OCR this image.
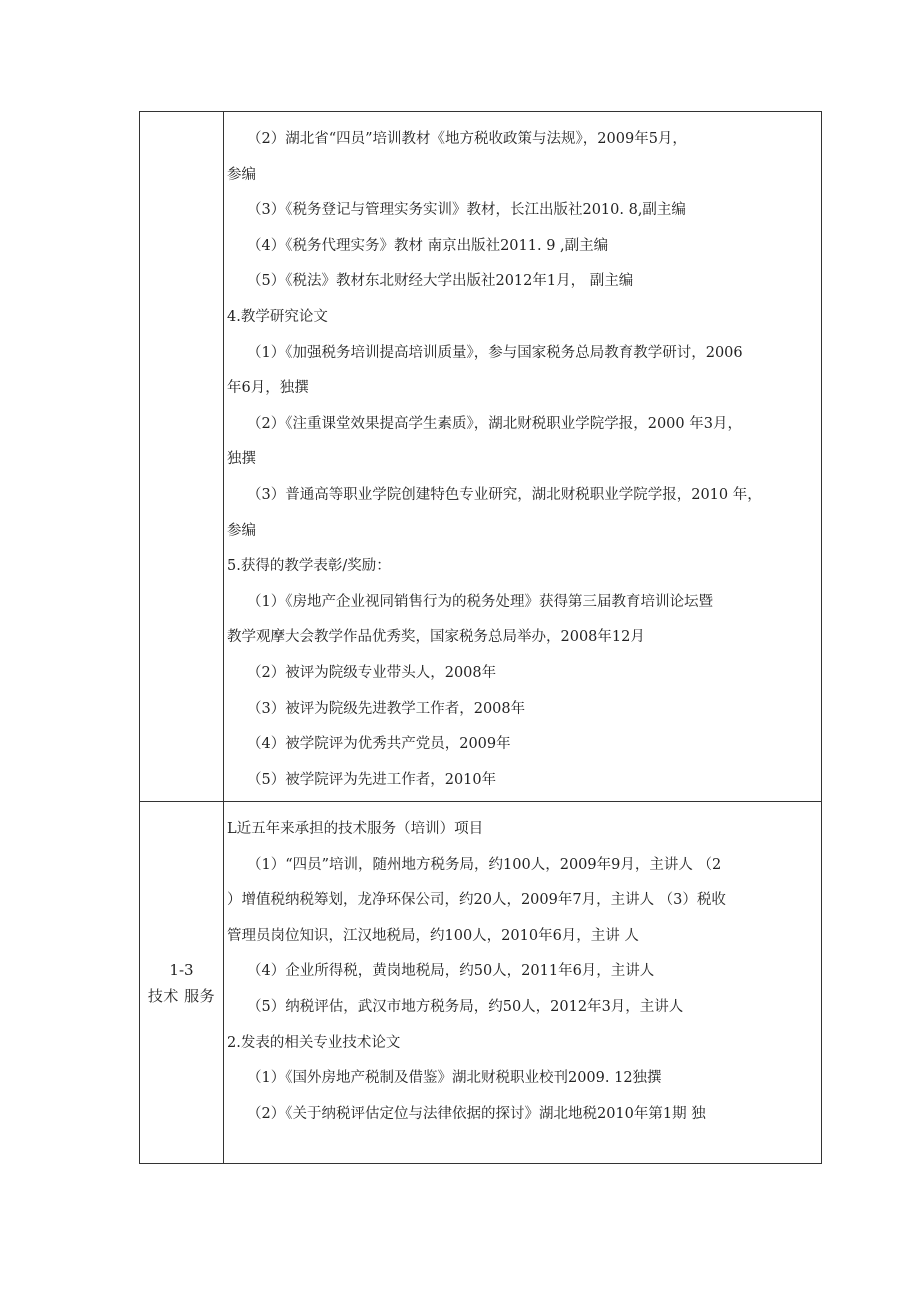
（2）湖北省“四员”培训教材《地方税收政策与法规》，2009年5月，
参编
（3）《税务登记与管理实务实训》教材，长江出版社2010. 8,副主编
（4）《税务代理实务》教材 南京出版社2011. 9 ,副主编
（5）《税法》教材东北财经大学出版社2012年1月， 副主编
4.教学研究论文
（1）《加强税务培训提高培训质量》，参与国家税务总局教育教学研讨，2006
年6月，独撰
（2）《注重课堂效果提高学生素质》，湖北财税职业学院学报，2000 年3月，
独撰
（3）普通高等职业学院创建特色专业研究，湖北财税职业学院学报，2010 年，
参编
5.获得的教学表彰/奖励：
（1）《房地产企业视同销售行为的税务处理》获得第三届教育培训论坛暨
教学观摩大会教学作品优秀奖，国家税务总局举办，2008年12月
（2）被评为院级专业带头人，2008年
（3）被评为院级先进教学工作者，2008年
（4）被学院评为优秀共产党员，2009年
（5）被学院评为先进工作者，2010年
1-3
技术 服务
L近五年来承担的技术服务（培训）项目
（1）“四员”培训，随州地方税务局，约100人，2009年9月，主讲人 （2
）增值税纳税筹划，龙净环保公司，约20人，2009年7月，主讲人 （3）税收
管理员岗位知识，江汉地税局，约100人，2010年6月，主讲 人
（4）企业所得税，黄岗地税局，约50人，2011年6月，主讲人
（5）纳税评估，武汉市地方税务局，约50人，2012年3月，主讲人
2.发表的相关专业技术论文
（1）《国外房地产税制及借鉴》湖北财税职业校刊2009. 12独撰
（2）《关于纳税评估定位与法律依据的探讨》湖北地税2010年第1期 独
